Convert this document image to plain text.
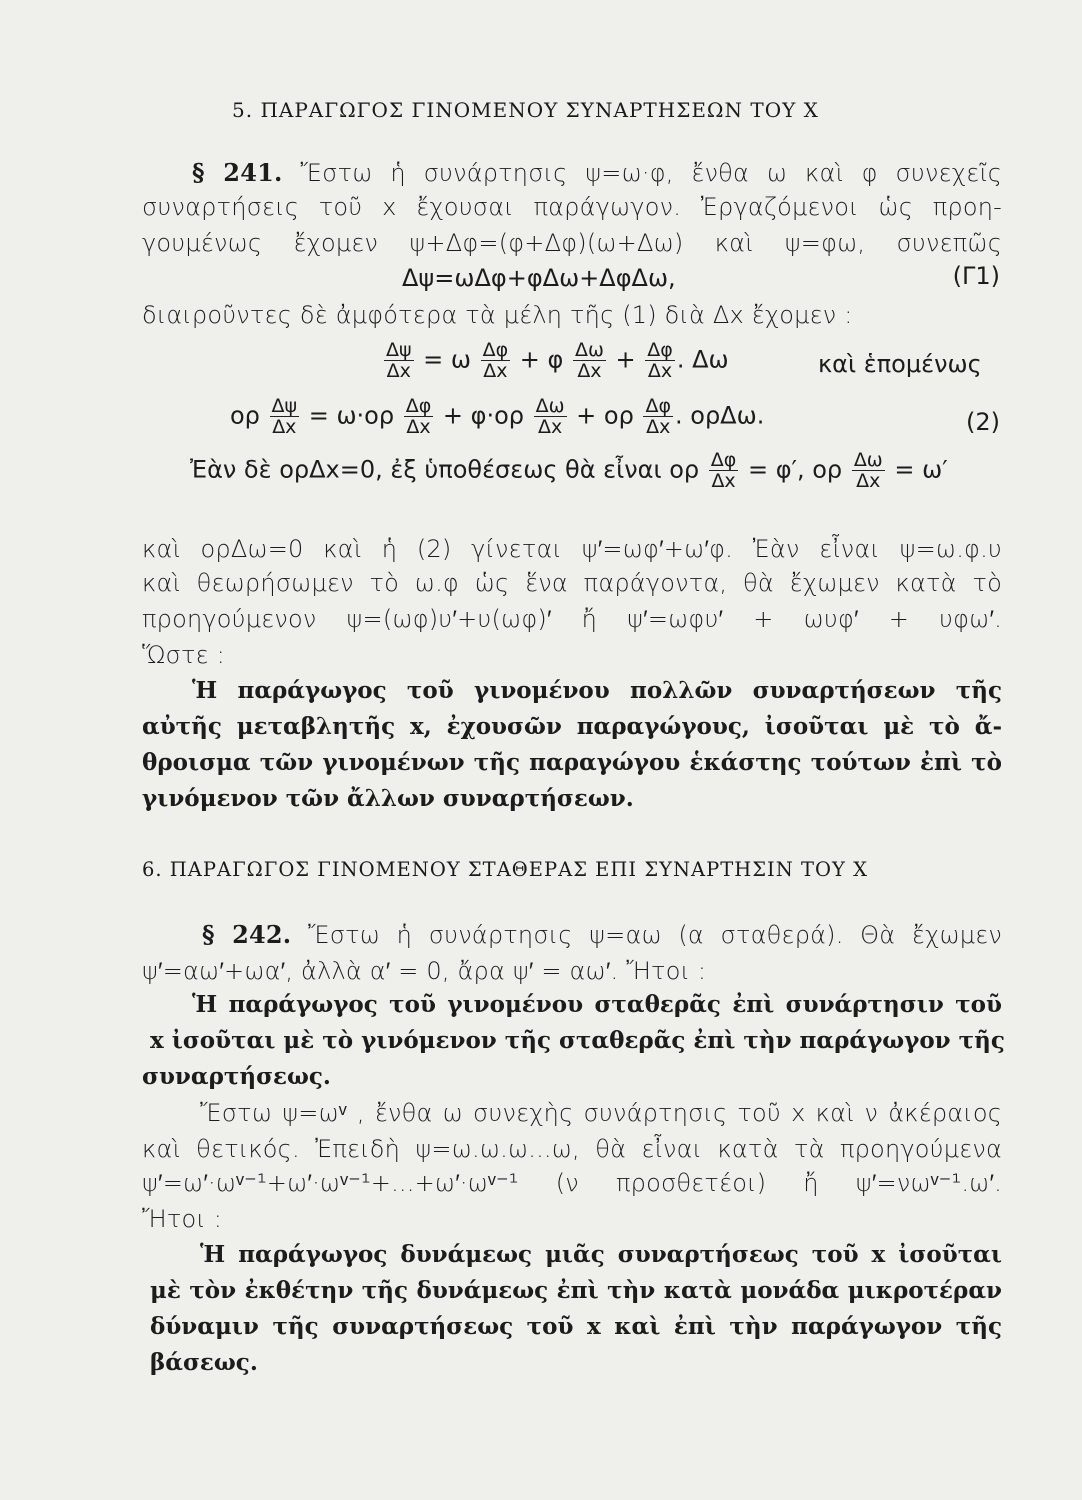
5. ΠΑΡΑΓΩΓΟΣ ΓΙΝΟΜΕΝΟΥ ΣΥΝΑΡΤΗΣΕΩΝ ΤΟΥ Χ
§ 241. Ἔστω ἡ συνάρτησις ψ=ω·φ, ἔνθα ω καὶ φ συνεχεῖς
συναρτήσεις τοῦ x ἔχουσαι παράγωγον. Ἐργαζόμενοι ὡς προη-
γουμένως ἔχομεν ψ+Δφ=(φ+Δφ)(ω+Δω) καὶ ψ=φω, συνεπῶς
Δψ=ωΔφ+φΔω+ΔφΔω,	(Γ1)
διαιροῦντες δὲ ἀμφότερα τὰ μέλη τῆς (1) διὰ Δx ἔχομεν :
$\frac{\Delta\psi}{\Delta x} = \omega \frac{\Delta\varphi}{\Delta x} + \varphi \frac{\Delta\omega}{\Delta x} + \frac{\Delta\varphi}{\Delta x}$ . Δω	καὶ ἑπομένως
ορ $\frac{\Delta\psi}{\Delta x} = \omega\cdot o\rho \frac{\Delta\varphi}{\Delta x} + \varphi\cdot o\rho \frac{\Delta\omega}{\Delta x} + o\rho \frac{\Delta\varphi}{\Delta x}$ . ορΔω.	(2)
Ἐὰν δὲ ορΔx=0, ἐξ ὑποθέσεως θὰ εἶναι ορ $\frac{\Delta\varphi}{\Delta x} = \varphi'$, ορ $\frac{\Delta\omega}{\Delta x} = \omega'$
καὶ ορΔω=0 καὶ ἡ (2) γίνεται ψ′=ωφ′+ω′φ. Ἐὰν εἶναι ψ=ω.φ.υ
καὶ θεωρήσωμεν τὸ ω.φ ὡς ἕνα παράγοντα, θὰ ἔχωμεν κατὰ τὸ
προηγούμενον ψ=(ωφ)υ′+υ(ωφ)′ ἤ ψ′=ωφυ′ + ωυφ′ + υφω′.
Ὥστε :
Ἡ παράγωγος τοῦ γινομένου πολλῶν συναρτήσεων τῆς
αὐτῆς μεταβλητῆς x, ἐχουσῶν παραγώγους, ἰσοῦται μὲ τὸ ἄ-
θροισμα τῶν γινομένων τῆς παραγώγου ἑκάστης τούτων ἐπὶ τὸ
γινόμενον τῶν ἄλλων συναρτήσεων.
6. ΠΑΡΑΓΩΓΟΣ ΓΙΝΟΜΕΝΟΥ ΣΤΑΘΕΡΑΣ ΕΠΙ ΣΥΝΑΡΤΗΣΙΝ ΤΟΥ Χ
§ 242. Ἔστω ἡ συνάρτησις ψ=αω (α σταθερά). Θὰ ἔχωμεν
ψ′=αω′+ωα′, ἀλλὰ α′ = 0, ἄρα ψ′ = αω′. Ἤτοι :
Ἡ παράγωγος τοῦ γινομένου σταθερᾶς ἐπὶ συνάρτησιν τοῦ
x ἰσοῦται μὲ τὸ γινόμενον τῆς σταθερᾶς ἐπὶ τὴν παράγωγον τῆς
συναρτήσεως.
Ἔστω ψ=ωᵛ , ἔνθα ω συνεχὴς συνάρτησις τοῦ x καὶ ν ἀκέραιος
καὶ θετικός. Ἐπειδὴ ψ=ω.ω.ω...ω, θὰ εἶναι κατὰ τὰ προηγούμενα
ψ′=ω′·ωᵛ⁻¹+ω′·ωᵛ⁻¹+...+ω′·ωᵛ⁻¹ (ν προσθετέοι) ἤ ψ′=νωᵛ⁻¹.ω′.
Ἤτοι :
Ἡ παράγωγος δυνάμεως μιᾶς συναρτήσεως τοῦ x ἰσοῦται
μὲ τὸν ἐκθέτην τῆς δυνάμεως ἐπὶ τὴν κατὰ μονάδα μικροτέραν
δύναμιν τῆς συναρτήσεως τοῦ x καὶ ἐπὶ τὴν παράγωγον τῆς
βάσεως.
